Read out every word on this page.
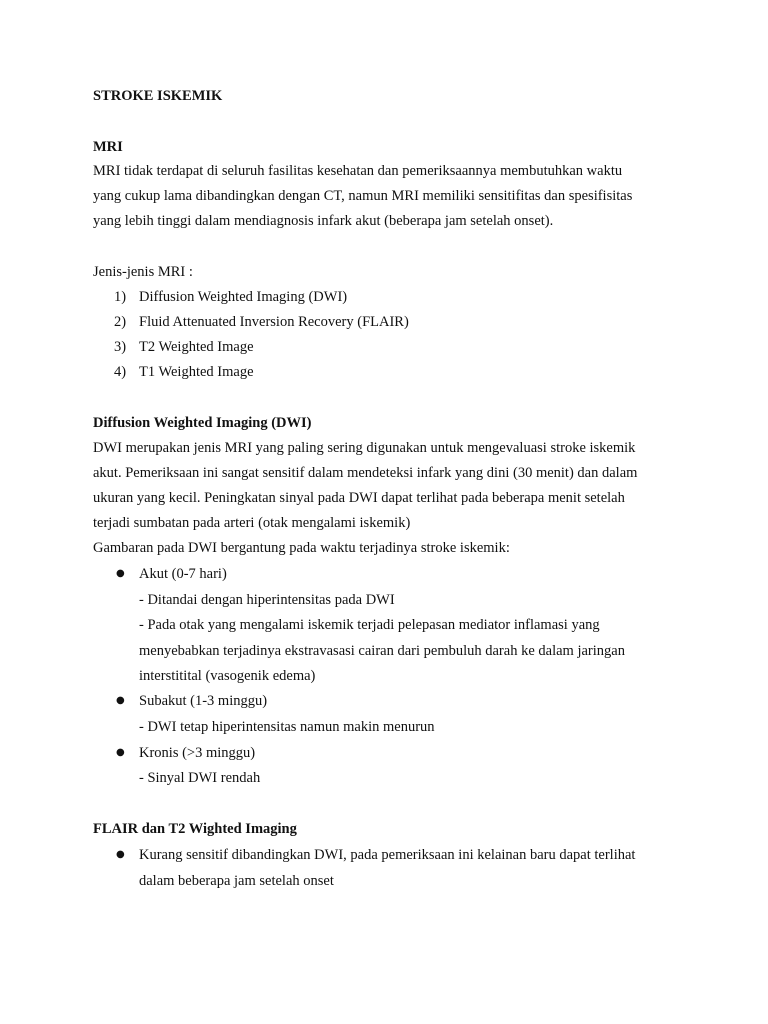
STROKE ISKEMIK
MRI
MRI tidak terdapat di seluruh fasilitas kesehatan dan pemeriksaannya membutuhkan waktu
yang cukup lama dibandingkan dengan CT, namun MRI memiliki sensitifitas dan spesifisitas
yang lebih tinggi dalam mendiagnosis infark akut (beberapa jam setelah onset).
Jenis-jenis MRI :
1) Diffusion Weighted Imaging (DWI)
2) Fluid Attenuated Inversion Recovery (FLAIR)
3) T2 Weighted Image
4) T1 Weighted Image
Diffusion Weighted Imaging (DWI)
DWI merupakan jenis MRI yang paling sering digunakan untuk mengevaluasi stroke iskemik
akut. Pemeriksaan ini sangat sensitif dalam mendeteksi infark yang dini (30 menit) dan dalam
ukuran yang kecil. Peningkatan sinyal pada DWI dapat terlihat pada beberapa menit setelah
terjadi sumbatan pada arteri (otak mengalami iskemik)
Gambaran pada DWI bergantung pada waktu terjadinya stroke iskemik:
● Akut (0-7 hari)
- Ditandai dengan hiperintensitas pada DWI
- Pada otak yang mengalami iskemik terjadi pelepasan mediator inflamasi yang
menyebabkan terjadinya ekstravasasi cairan dari pembuluh darah ke dalam jaringan
interstitital (vasogenik edema)
● Subakut (1-3 minggu)
- DWI tetap hiperintensitas namun makin menurun
● Kronis (>3 minggu)
- Sinyal DWI rendah
FLAIR dan T2 Wighted Imaging
● Kurang sensitif dibandingkan DWI, pada pemeriksaan ini kelainan baru dapat terlihat
dalam beberapa jam setelah onset
